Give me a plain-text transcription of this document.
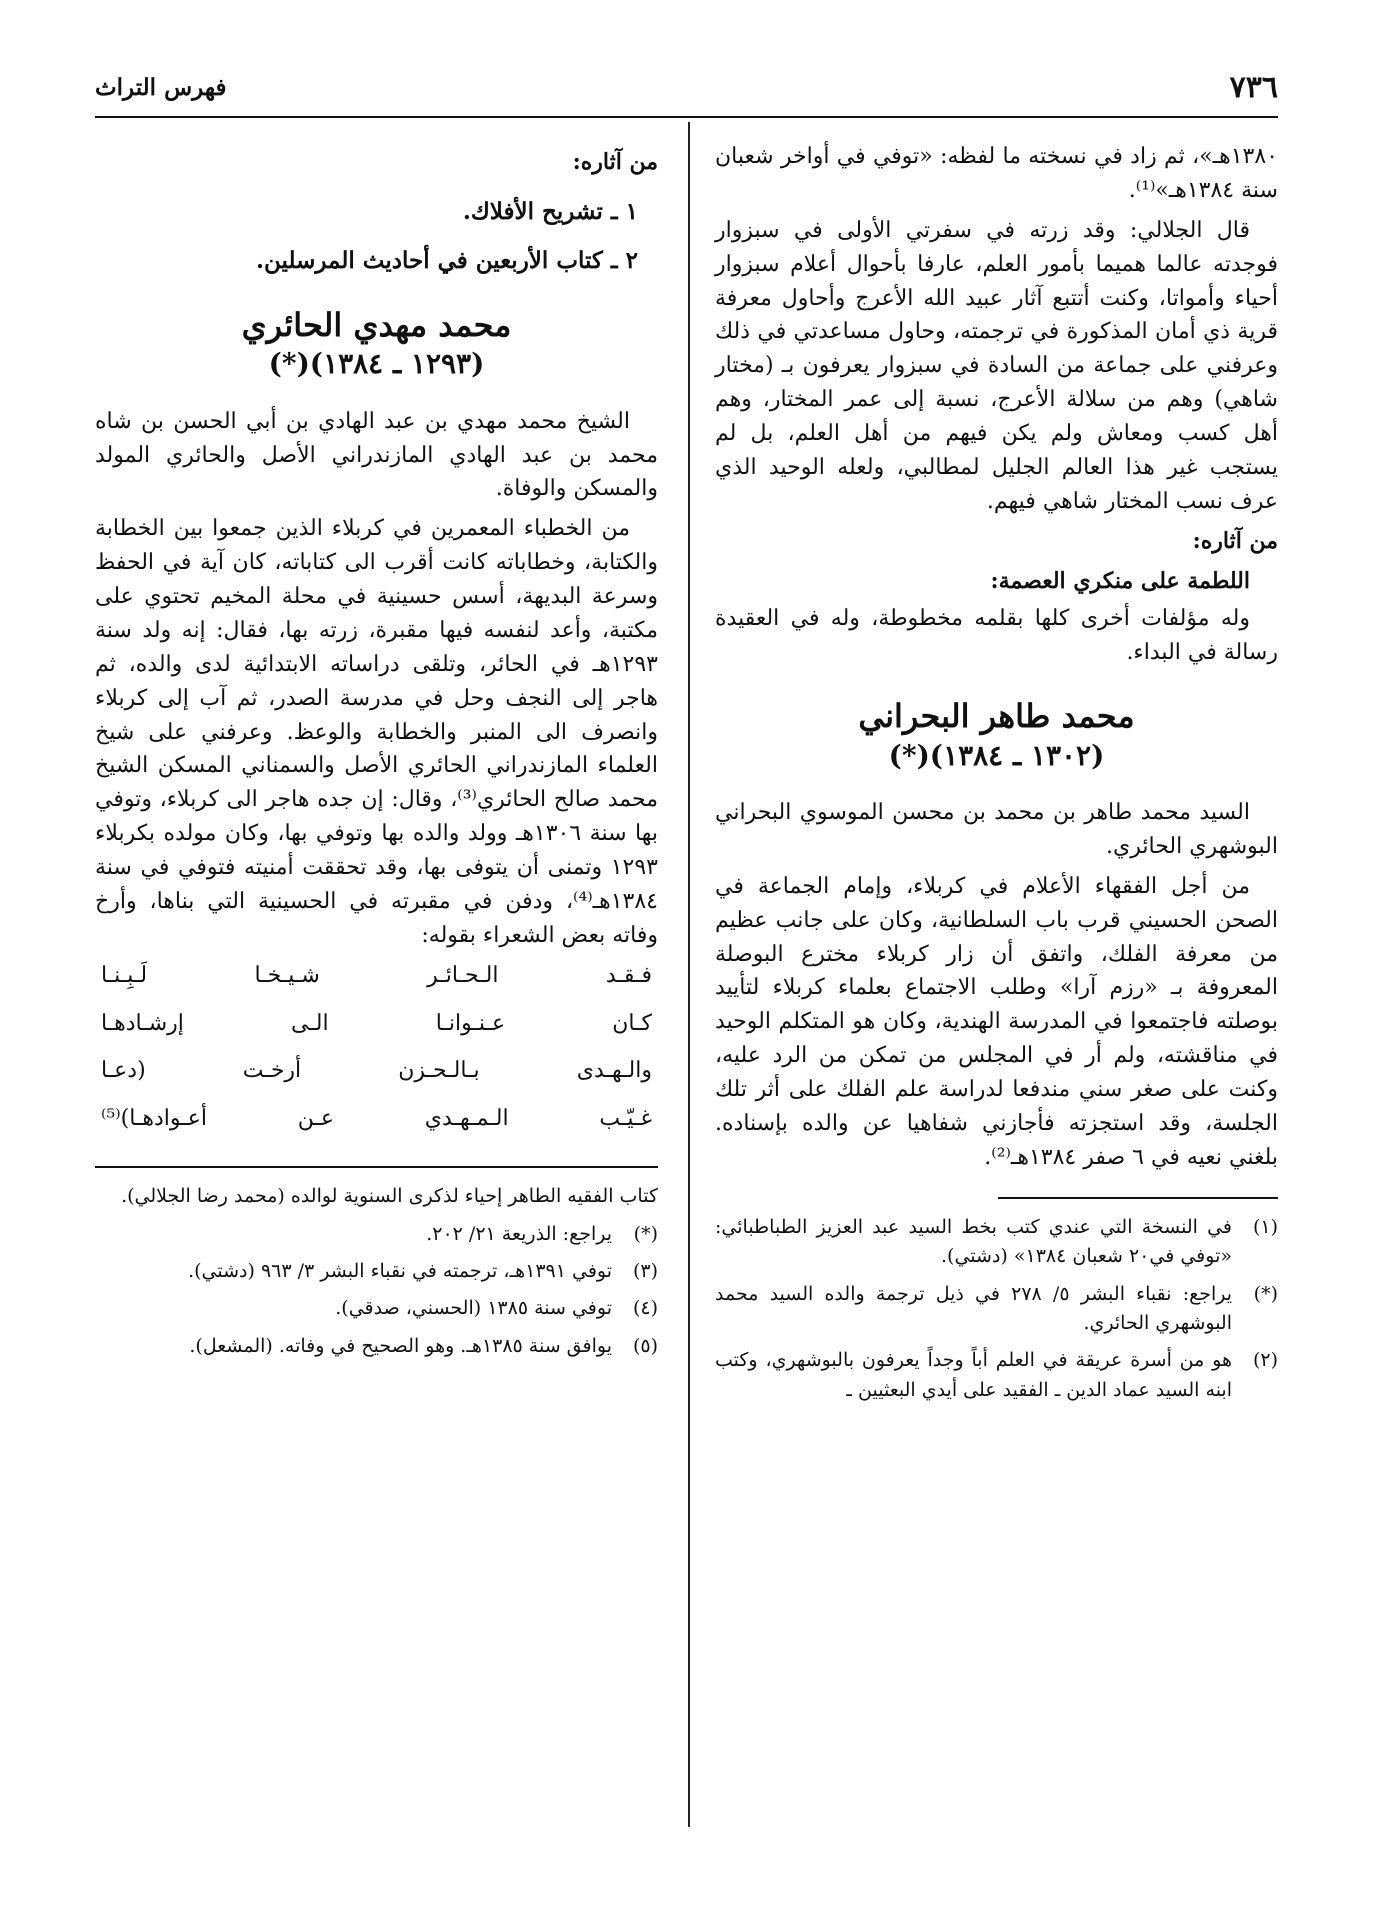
٧٣٦
فهرس التراث

١٣٨٠هـ»، ثم زاد في نسخته ما لفظه: «توفي في أواخر شعبان سنة ١٣٨٤هـ»⁽¹⁾.

قال الجلالي: وقد زرته في سفرتي الأولى في سبزوار فوجدته عالما هميما بأمور العلم، عارفا بأحوال أعلام سبزوار أحياء وأمواتا، وكنت أتتبع آثار عبيد الله الأعرج وأحاول معرفة قرية ذي أمان المذكورة في ترجمته، وحاول مساعدتي في ذلك وعرفني على جماعة من السادة في سبزوار يعرفون بـ (مختار شاهي) وهم من سلالة الأعرج، نسبة إلى عمر المختار، وهم أهل كسب ومعاش ولم يكن فيهم من أهل العلم، بل لم يستجب غير هذا العالم الجليل لمطالبي، ولعله الوحيد الذي عرف نسب المختار شاهي فيهم.

من آثاره:
اللطمة على منكري العصمة:

وله مؤلفات أخرى كلها بقلمه مخطوطة، وله في العقيدة رسالة في البداء.

محمد طاهر البحراني
(١٣٠٢ ـ ١٣٨٤)(*)

السيد محمد طاهر بن محمد بن محسن الموسوي البحراني البوشهري الحائري.

من أجل الفقهاء الأعلام في كربلاء، وإمام الجماعة في الصحن الحسيني قرب باب السلطانية، وكان على جانب عظيم من معرفة الفلك، واتفق أن زار كربلاء مخترع البوصلة المعروفة بـ «رزم آرا» وطلب الاجتماع بعلماء كربلاء لتأييد بوصلته فاجتمعوا في المدرسة الهندية، وكان هو المتكلم الوحيد في مناقشته، ولم أر في المجلس من تمكن من الرد عليه، وكنت على صغر سني مندفعا لدراسة علم الفلك على أثر تلك الجلسة، وقد استجزته فأجازني شفاهيا عن والده بإسناده. بلغني نعيه في ٦ صفر ١٣٨٤هـ⁽²⁾.

(١)
في النسخة التي عندي كتب بخط السيد عبد العزيز الطباطبائي: «توفي في٢٠ شعبان ١٣٨٤» (دشتي).
(*)
يراجع: نقباء البشر ٥/ ٢٧٨ في ذيل ترجمة والده السيد محمد البوشهري الحائري.
(٢)
هو من أسرة عريقة في العلم أباً وجداً يعرفون بالبوشهري، وكتب ابنه السيد عماد الدين ـ الفقيد على أيدي البعثيين ـ
من آثاره:
١ ـ تشريح الأفلاك.
٢ ـ كتاب الأربعين في أحاديث المرسلين.
محمد مهدي الحائري
(١٢٩٣ ـ ١٣٨٤)(*)

الشيخ محمد مهدي بن عبد الهادي بن أبي الحسن بن شاه محمد بن عبد الهادي المازندراني الأصل والحائري المولد والمسكن والوفاة.

من الخطباء المعمرين في كربلاء الذين جمعوا بين الخطابة والكتابة، وخطاباته كانت أقرب الى كتاباته، كان آية في الحفظ وسرعة البديهة، أسس حسينية في محلة المخيم تحتوي على مكتبة، وأعد لنفسه فيها مقبرة، زرته بها، فقال: إنه ولد سنة ١٢٩٣هـ في الحائر، وتلقى دراساته الابتدائية لدى والده، ثم هاجر إلى النجف وحل في مدرسة الصدر، ثم آب إلى كربلاء وانصرف الى المنبر والخطابة والوعظ. وعرفني على شيخ العلماء المازندراني الحائري الأصل والسمناني المسكن الشيخ محمد صالح الحائري⁽³⁾، وقال: إن جده هاجر الى كربلاء، وتوفي بها سنة ١٣٠٦هـ وولد والده بها وتوفي بها، وكان مولده بكربلاء ١٢٩٣ وتمنى أن يتوفى بها، وقد تحققت أمنيته فتوفي في سنة ١٣٨٤هـ⁽⁴⁾، ودفن في مقبرته في الحسينية التي بناها، وأرخ وفاته بعض الشعراء بقوله:

فـقـد الـحـائـر شـيـخـا لَـبِـنـا
كـان عـنـوانـا الـى إرشـادهـا
والـهـدى بـالـحـزن أرخـت (دعـا
غـيّـب الـمـهـدي عـن أعـوادهـا)⁽⁵⁾
كتاب الفقيه الطاهر إحياء لذكرى السنوية لوالده (محمد رضا الجلالي).
(*)
يراجع: الذريعة ٢١/ ٢٠٢.
(٣)
توفي ١٣٩١هـ، ترجمته في نقباء البشر ٣/ ٩٦٣ (دشتي).
(٤)
توفي سنة ١٣٨٥ (الحسني، صدقي).
(٥)
يوافق سنة ١٣٨٥هـ. وهو الصحيح في وفاته. (المشعل).
